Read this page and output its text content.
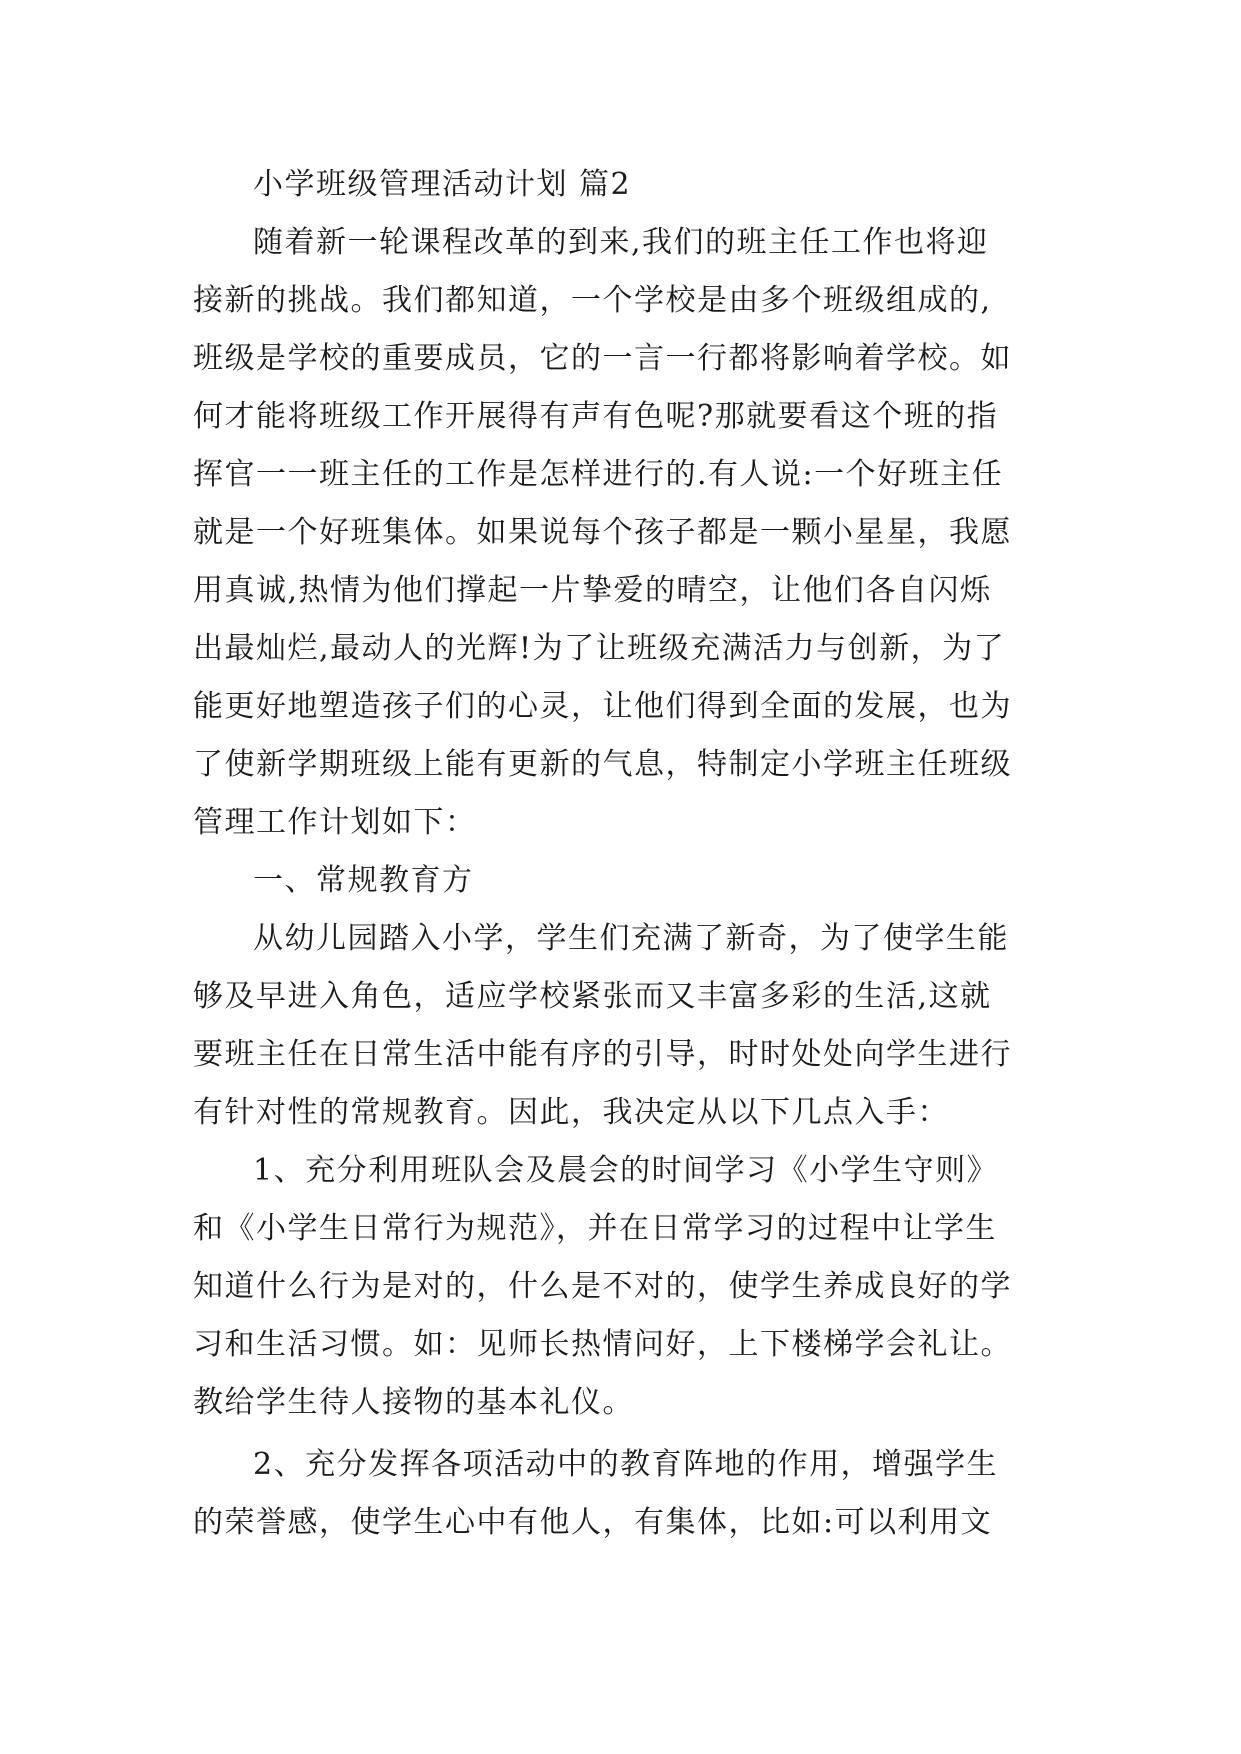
小学班级管理活动计划 篇2
随着新一轮课程改革的到来,我们的班主任工作也将迎
接新的挑战。我们都知道，一个学校是由多个班级组成的,
班级是学校的重要成员，它的一言一行都将影响着学校。如
何才能将班级工作开展得有声有色呢?那就要看这个班的指
挥官一一班主任的工作是怎样进行的.有人说:一个好班主任
就是一个好班集体。如果说每个孩子都是一颗小星星，我愿
用真诚,热情为他们撑起一片挚爱的晴空，让他们各自闪烁
出最灿烂,最动人的光辉!为了让班级充满活力与创新，为了
能更好地塑造孩子们的心灵，让他们得到全面的发展，也为
了使新学期班级上能有更新的气息，特制定小学班主任班级
管理工作计划如下：
一、常规教育方
从幼儿园踏入小学，学生们充满了新奇，为了使学生能
够及早进入角色，适应学校紧张而又丰富多彩的生活,这就
要班主任在日常生活中能有序的引导，时时处处向学生进行
有针对性的常规教育。因此，我决定从以下几点入手：
1、充分利用班队会及晨会的时间学习《小学生守则》
和《小学生日常行为规范》，并在日常学习的过程中让学生
知道什么行为是对的，什么是不对的，使学生养成良好的学
习和生活习惯。如：见师长热情问好，上下楼梯学会礼让。
教给学生待人接物的基本礼仪。
2、充分发挥各项活动中的教育阵地的作用，增强学生
的荣誉感，使学生心中有他人，有集体，比如:可以利用文
